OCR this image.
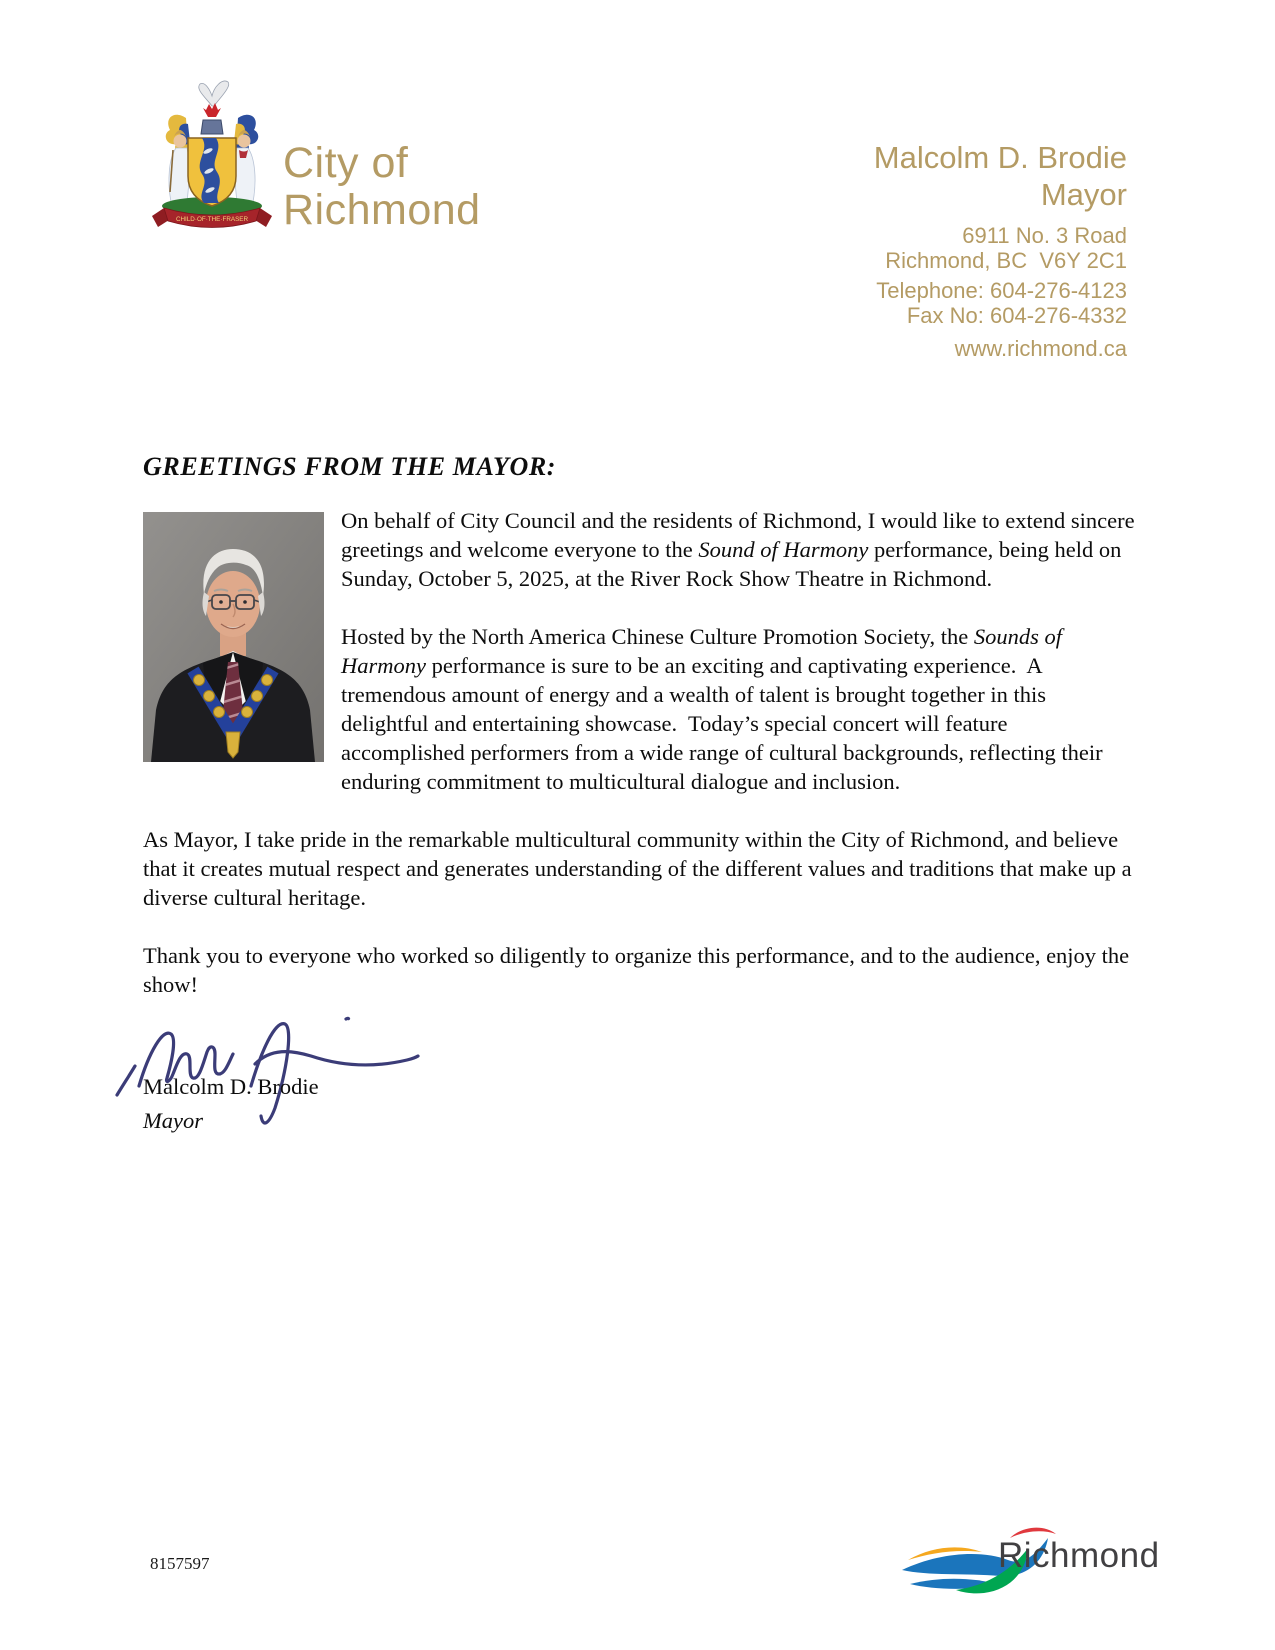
CHILD·OF·THE·FRASER
City of
Richmond
Malcolm D. Brodie
Mayor
6911 No. 3 Road
Richmond, BC  V6Y 2C1
Telephone: 604-276-4123
Fax No: 604-276-4332
www.richmond.ca
GREETINGS FROM THE MAYOR:

On behalf of City Council and the residents of Richmond, I would like to extend sincere greetings and welcome everyone to the Sound of Harmony performance, being held on Sunday, October 5, 2025, at the River Rock Show Theatre in Richmond.

Hosted by the North America Chinese Culture Promotion Society, the Sounds of Harmony performance is sure to be an exciting and captivating experience.  A tremendous amount of energy and a wealth of talent is brought together in this delightful and entertaining showcase.  Today’s special concert will feature accomplished performers from a wide range of cultural backgrounds, reflecting their enduring commitment to multicultural dialogue and inclusion.

As Mayor, I take pride in the remarkable multicultural community within the City of Richmond, and believe that it creates mutual respect and generates understanding of the different values and traditions that make up a diverse cultural heritage.

Thank you to everyone who worked so diligently to organize this performance, and to the audience, enjoy the show!

Malcolm D. Brodie
Mayor
8157597	Richmond
